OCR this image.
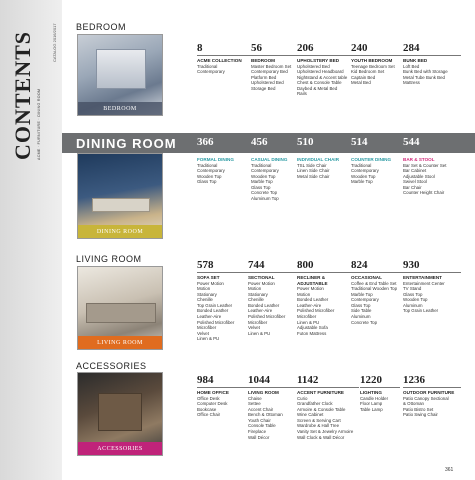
CONTENTS ACME · FURNITURE · DINING ROOM
CATALOG 2016/2017 BEDROOM
BEDROOM
DINING ROOM
DINING ROOM
LIVING ROOM
LIVING ROOM
ACCESSORIES
ACCESSORIES
8
ACME COLLECTION
Traditional
Contemporary
56
BEDROOM
Master Bedroom Set
Contemporary Bed
Platform Bed
Upholstered Bed
Storage Bed
206
UPHOLSTERY BED
Upholstered Bed
Upholstered Headboard
Nightstand & Accent table
Chest & Console Table
Daybed & Metal Bed
Rails
240
YOUTH BEDROOM
Teenage Bedroom Set
Kid Bedroom Set
Captain Bed
Metal Bed
284
BUNK BED
Loft Bed
Bunk Bed with Storage
Metal Tube Bunk Bed
Mattress
366
FORMAL DINING
Traditional
Contemporary
Wooden Top
Glass Top
456
CASUAL DINING
Traditional
Contemporary
Wooden Top
Marble Top
Glass Top
Concrete Top
Aluminum Top
510
INDIVIDUAL CHAIR
TSL Side Chair
Linen Side Chair
Metal Side Chair
514
COUNTER DINING
Traditional
Contemporary
Wooden Top
Marble Top
544
BAR & STOOL
Bar Set & Counter Set
Bar Cabinet
Adjustable Stool
Swivel Stool
Bar Chair
Counter Height Chair
578
SOFA SET
Power Motion
Motion
Stationary
Chenille
Top Grain Leather
Bonded Leather
Leather-Aire
Polished Microfiber
Microfiber
Velvet
Linen & PU
744
SECTIONAL
Power Motion
Motion
Stationary
Chenille
Bonded Leather
Leather-Aire
Polished Microfiber
Microfiber
Velvet
Linen & PU
800
RECLINER & ADJUSTABLE
Power Motion
Motion
Bonded Leather
Leather-Aire
Polished Microfiber
Microfiber
Linen & PU
Adjustable Sofa
Futon Mattress
824
OCCASIONAL
Coffee & End Table Set
Traditional Wooden Top
Marble Top
Contemporary
Glass Top
Side Table
Aluminum
Concrete Top
930
ENTERTAINMENT
Entertainment Center
TV Stand
Glass Top
Wooden Top
Aluminum
Top Grain Leather
984
HOME OFFICE
Office Desk
Computer Desk
Bookcase
Office Chair
1044
LIVING ROOM
Chaise
Settee
Accent Chair
Bench & Ottoman
Youth Chair
Console Table
Fireplace
Wall Décor
1142
ACCENT FURNITURE
Curio
Grandfather Clock
Armoire & Console Table
Wine Cabinet
Screen & Serving Cart
Wardrobe & Hall Tree
Vanity Set & Jewelry Armoire
Wall Clock & Wall Décor
1220
LIGHTING
Candle Holder
Floor Lamp
Table Lamp
1236
OUTDOOR FURNITURE
Patio Canopy Sectional
& Ottoman
Patio Bistro Set
Patio Swing Chair
361
